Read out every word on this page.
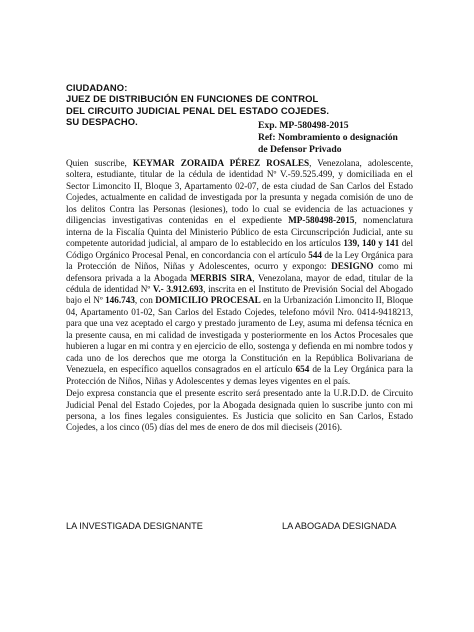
CIUDADANO:
JUEZ DE DISTRIBUCIÓN EN FUNCIONES DE CONTROL
DEL CIRCUITO JUDICIAL PENAL DEL ESTADO COJEDES.
SU DESPACHO.	Exp. MP-580498-2015
Ref: Nombramiento o designación
de Defensor Privado

Quien suscribe, KEYMAR ZORAIDA PÉREZ ROSALES, Venezolana, adolescente, soltera, estudiante, titular de la cédula de identidad Nº V.-59.525.499, y domiciliada en el Sector Limoncito II, Bloque 3, Apartamento 02-07, de esta ciudad de San Carlos del Estado Cojedes, actualmente en calidad de investigada por la presunta y negada comisión de uno de los delitos Contra las Personas (lesiones), todo lo cual se evidencia de las actuaciones y diligencias investigativas contenidas en el expediente MP-580498-2015, nomenclatura interna de la Fiscalía Quinta del Ministerio Público de esta Circunscripción Judicial, ante su competente autoridad judicial, al amparo de lo establecido en los artículos 139, 140 y 141 del Código Orgánico Procesal Penal, en concordancia con el artículo 544 de la Ley Orgánica para la Protección de Niños, Niñas y Adolescentes, ocurro y expongo: DESIGNO como mi defensora privada a la Abogada MERBIS SIRA, Venezolana, mayor de edad, titular de la cédula de identidad Nº V.- 3.912.693, inscrita en el Instituto de Previsión Social del Abogado bajo el Nº 146.743, con DOMICILIO PROCESAL en la Urbanización Limoncito II, Bloque 04, Apartamento 01-02, San Carlos del Estado Cojedes, telefono móvil Nro. 0414-9418213, para que una vez aceptado el cargo y prestado juramento de Ley, asuma mi defensa técnica en la presente causa, en mi calidad de investigada y posteriormente en los Actos Procesales que hubieren a lugar en mi contra y en ejercicio de ello, sostenga y defienda en mi nombre todos y cada uno de los derechos que me otorga la Constitución en la República Bolivariana de Venezuela, en específico aquellos consagrados en el artículo 654 de la Ley Orgánica para la Protección de Niños, Niñas y Adolescentes y demas leyes vigentes en el país.

Dejo expresa constancia que el presente escrito será presentado ante la U.R.D.D. de Circuito Judicial Penal del Estado Cojedes, por la Abogada designada quien lo suscribe junto con mi persona, a los fines legales consiguientes. Es Justicia que solicito en San Carlos, Estado Cojedes, a los cinco (05) días del mes de enero de dos mil dieciseis (2016).

LA INVESTIGADA DESIGNANTE	LA ABOGADA DESIGNADA
